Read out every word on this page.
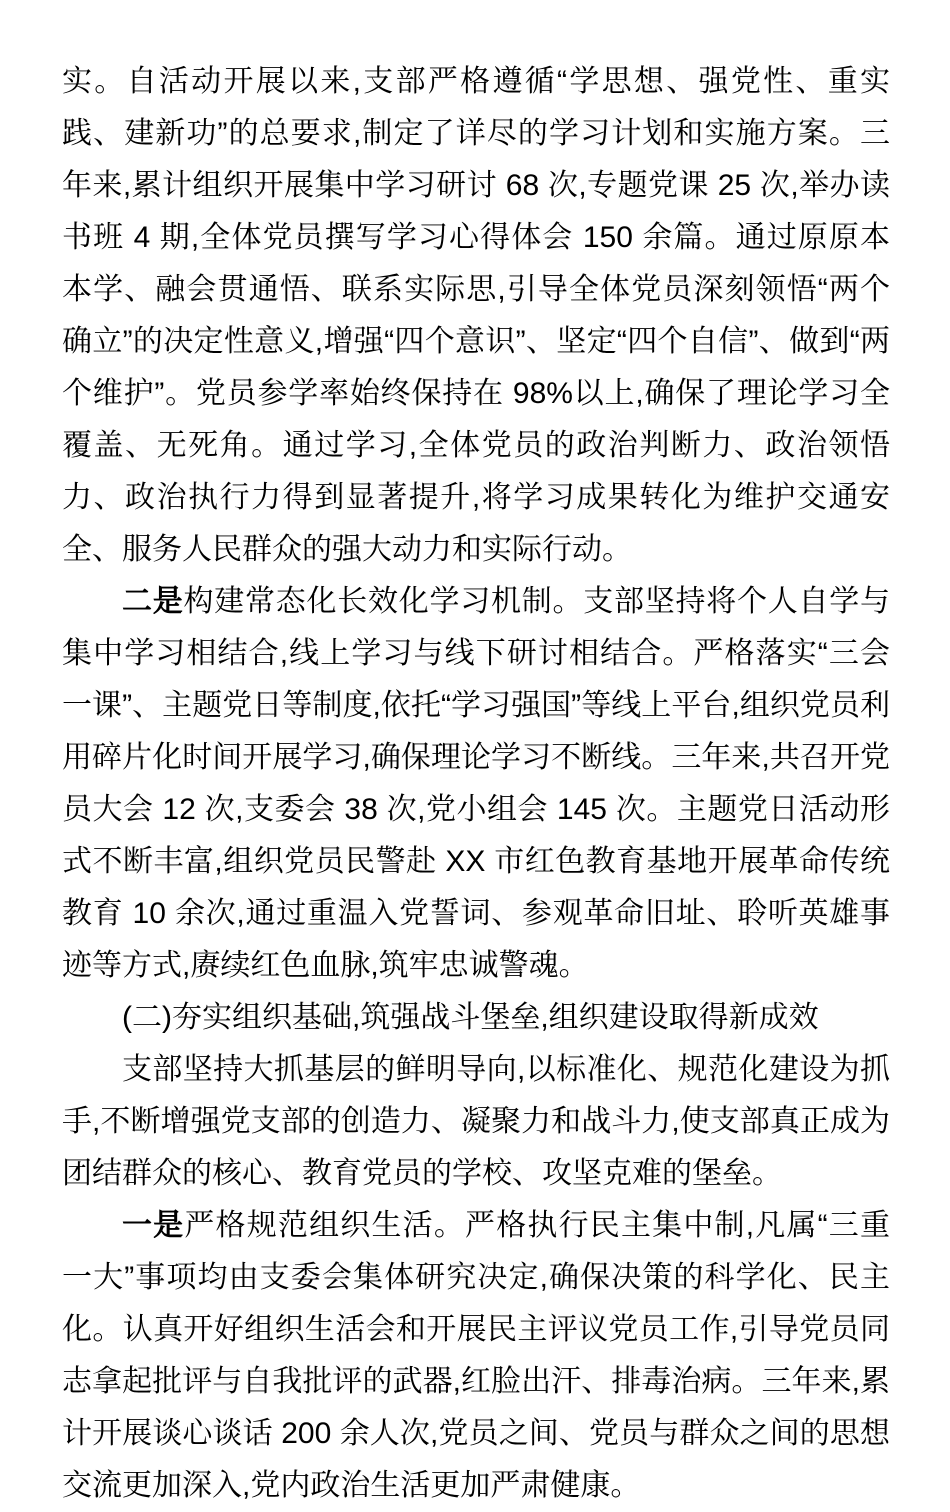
实。自活动开展以来,支部严格遵循“学思想、强党性、重实践、建新功”的总要求,制定了详尽的学习计划和实施方案。三年来,累计组织开展集中学习研讨 68 次,专题党课 25 次,举办读书班 4 期,全体党员撰写学习心得体会 150 余篇。通过原原本本学、融会贯通悟、联系实际思,引导全体党员深刻领悟“两个确立”的决定性意义,增强“四个意识”、坚定“四个自信”、做到“两个维护”。党员参学率始终保持在 98%以上,确保了理论学习全覆盖、无死角。通过学习,全体党员的政治判断力、政治领悟力、政治执行力得到显著提升,将学习成果转化为维护交通安全、服务人民群众的强大动力和实际行动。

二是构建常态化长效化学习机制。支部坚持将个人自学与集中学习相结合,线上学习与线下研讨相结合。严格落实“三会一课”、主题党日等制度,依托“学习强国”等线上平台,组织党员利用碎片化时间开展学习,确保理论学习不断线。三年来,共召开党员大会 12 次,支委会 38 次,党小组会 145 次。主题党日活动形式不断丰富,组织党员民警赴 XX 市红色教育基地开展革命传统教育 10 余次,通过重温入党誓词、参观革命旧址、聆听英雄事迹等方式,赓续红色血脉,筑牢忠诚警魂。

(二)夯实组织基础,筑强战斗堡垒,组织建设取得新成效

支部坚持大抓基层的鲜明导向,以标准化、规范化建设为抓手,不断增强党支部的创造力、凝聚力和战斗力,使支部真正成为团结群众的核心、教育党员的学校、攻坚克难的堡垒。

一是严格规范组织生活。严格执行民主集中制,凡属“三重一大”事项均由支委会集体研究决定,确保决策的科学化、民主化。认真开好组织生活会和开展民主评议党员工作,引导党员同志拿起批评与自我批评的武器,红脸出汗、排毒治病。三年来,累计开展谈心谈话 200 余人次,党员之间、党员与群众之间的思想交流更加深入,党内政治生活更加严肃健康。
